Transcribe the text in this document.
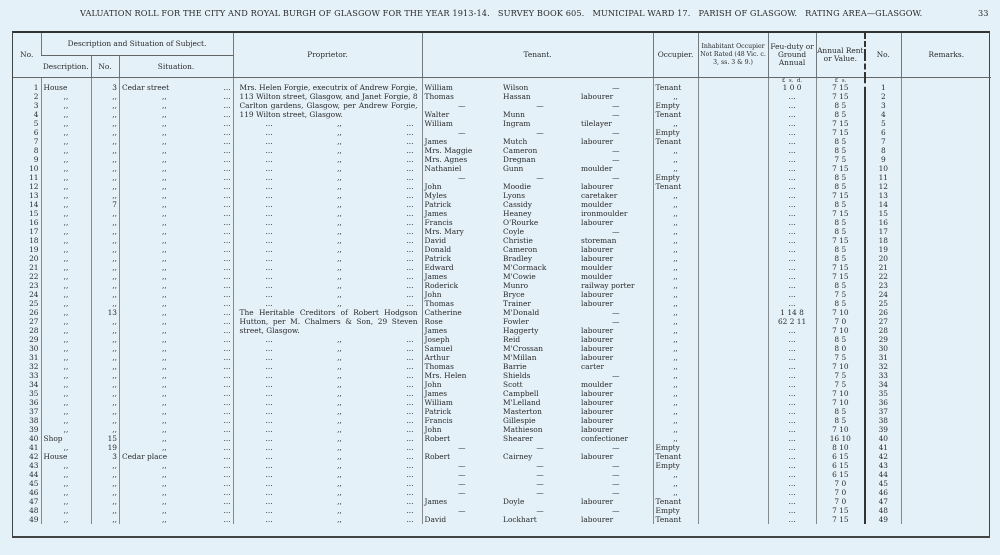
VALUATION ROLL FOR THE CITY AND ROYAL BURGH OF GLASGOW FOR THE YEAR 1913-14.   SURVEY BOOK 605.   MUNICIPAL WARD 17.   PARISH OF GLASGOW.   RATING AREA—GLASGOW.	33
No.	Description and Situation of Subject.			Proprietor.	Tenant.			Occupier.	Inhabitant Occupier Not Rated (48 Vic. c. 3, ss. 3 & 9.)	Feu-duty or Ground Annual	Annual Rent or Value.	No.	Remarks.
	Description.	No.	Situation.										
1	House	3	Cedar street	... Mrs. Helen Forgie, executrix of Andrew Forgie, 113 Wilton street, Glasgow, and Janet Forgie, 8 Carlton gardens, Glasgow, per Andrew Forgie, 119 Wilton street, Glasgow.	William	Wilson	—	Tenant		1 0 0	7 15	1	
2	,,	,,		,,	...	Thomas	Hassan	labourer	,,		...	7 15	2	
3	,,	,,		,,	...	—	—	—	Empty		...	8 5	3	
4	,,	,,		,,	...	Walter	Munn	—	Tenant		...	8 5	4	
5	,,	,,		,,	...	... ,, ...	William	Ingram	tilelayer	,,		...	7 15	5	
6	,,	,,		,,	...	... ,, ...	—	—	—	Empty		...	7 15	6	
7	,,	,,		,,	...	... ,, ...	James	Mutch	labourer	Tenant		...	8 5	7	
8	,,	,,		,,	...	... ,, ...	Mrs. Maggie	Cameron	—	,,		...	8 5	8	
9	,,	,,		,,	...	... ,, ...	Mrs. Agnes	Dregnan	—	,,		...	7 5	9	
10	,,	,,		,,	...	... ,, ...	Nathaniel	Gunn	moulder	,,		...	7 15	10	
11	,,	,,		,,	...	... ,, ...	—	—	—	Empty		...	8 5	11	
12	,,	,,		,,	...	... ,, ...	John	Moodie	labourer	Tenant		...	8 5	12	
13	,,	,,		,,	...	... ,, ...	Myles	Lyons	caretaker	,,		...	7 15	13	
14	,,	7		,,	...	... ,, ...	Patrick	Cassidy	moulder	,,		...	8 5	14	
15	,,	,,		,,	...	... ,, ...	James	Heaney	ironmoulder	,,		...	7 15	15	
16	,,	,,		,,	...	... ,, ...	Francis	O'Rourke	labourer	,,		...	8 5	16	
17	,,	,,		,,	...	... ,, ...	Mrs. Mary	Coyle	—	,,		...	8 5	17	
18	,,	,,		,,	...	... ,, ...	David	Christie	storeman	,,		...	7 15	18	
19	,,	,,		,,	...	... ,, ...	Donald	Cameron	labourer	,,		...	8 5	19	
20	,,	,,		,,	...	... ,, ...	Patrick	Bradley	labourer	,,		...	8 5	20	
21	,,	,,		,,	...	... ,, ...	Edward	M'Cormack	moulder	,,		...	7 15	21	
22	,,	,,		,,	...	... ,, ...	James	M'Cowie	moulder	,,		...	7 15	22	
23	,,	,,		,,	...	... ,, ...	Roderick	Munro	railway porter	,,		...	8 5	23	
24	,,	,,		,,	...	... ,, ...	John	Bryce	labourer	,,		...	7 5	24	
25	,,	,,		,,	...	... ,, ...	Thomas	Trainer	labourer	,,		...	8 5	25	
26	,,	13		,,	... The Heritable Creditors of Robert Hodgson Hutton, per M. Chalmers & Son, 29 Steven street, Glasgow.	Catherine	M'Donald	—	,,		1 14 8	7 10	26	
27	,,	,,		,,	...	Rose	Fowler	—	,,		62 2 11	7 0	27	
28	,,	,,		,,	...	James	Haggerty	labourer	,,		...	7 10	28	
29	,,	,,		,,	...	... ,, ...	Joseph	Reid	labourer	,,		...	8 5	29	
30	,,	,,		,,	...	... ,, ...	Samuel	M'Crossan	labourer	,,		...	8 0	30	
31	,,	,,		,,	...	... ,, ...	Arthur	M'Millan	labourer	,,		...	7 5	31	
32	,,	,,		,,	...	... ,, ...	Thomas	Barrie	carter	,,		...	7 10	32	
33	,,	,,		,,	...	... ,, ...	Mrs. Helen	Shields	—	,,		...	7 5	33	
34	,,	,,		,,	...	... ,, ...	John	Scott	moulder	,,		...	7 5	34	
35	,,	,,		,,	...	... ,, ...	James	Campbell	labourer	,,		...	7 10	35	
36	,,	,,		,,	...	... ,, ...	William	M'Lelland	labourer	,,		...	7 10	36	
37	,,	,,		,,	...	... ,, ...	Patrick	Masterton	labourer	,,		...	8 5	37	
38	,,	,,		,,	...	... ,, ...	Francis	Gillespie	labourer	,,		...	8 5	38	
39	,,	,,		,,	...	... ,, ...	John	Mathieson	labourer	,,		...	7 10	39	
40	Shop	15		,,	...	... ,, ...	Robert	Shearer	confectioner	,,		...	16 10	40	
41	,,	19		,,	...	... ,, ...	—	—	—	Empty		...	8 10	41	
42	House	3	Cedar place	...	... ,, ...	Robert	Cairney	labourer	Tenant		...	6 15	42	
43	,,	,,		,,	...	... ,, ...	—	—	—	Empty		...	6 15	43	
44	,,	,,		,,	...	... ,, ...	—	—	—	,,		...	6 15	44	
45	,,	,,		,,	...	... ,, ...	—	—	—	,,		...	7 0	45	
46	,,	,,		,,	...	... ,, ...	—	—	—	,,		...	7 0	46	
47	,,	,,		,,	...	... ,, ...	James	Doyle	labourer	Tenant		...	7 0	47	
48	,,	,,		,,	...	... ,, ...	—	—	—	Empty		...	7 15	48	
49	,,	,,		,,	...	... ,, ...	David	Lockhart	labourer	Tenant		...	7 15	49	
£  s.  d.	£  s.
